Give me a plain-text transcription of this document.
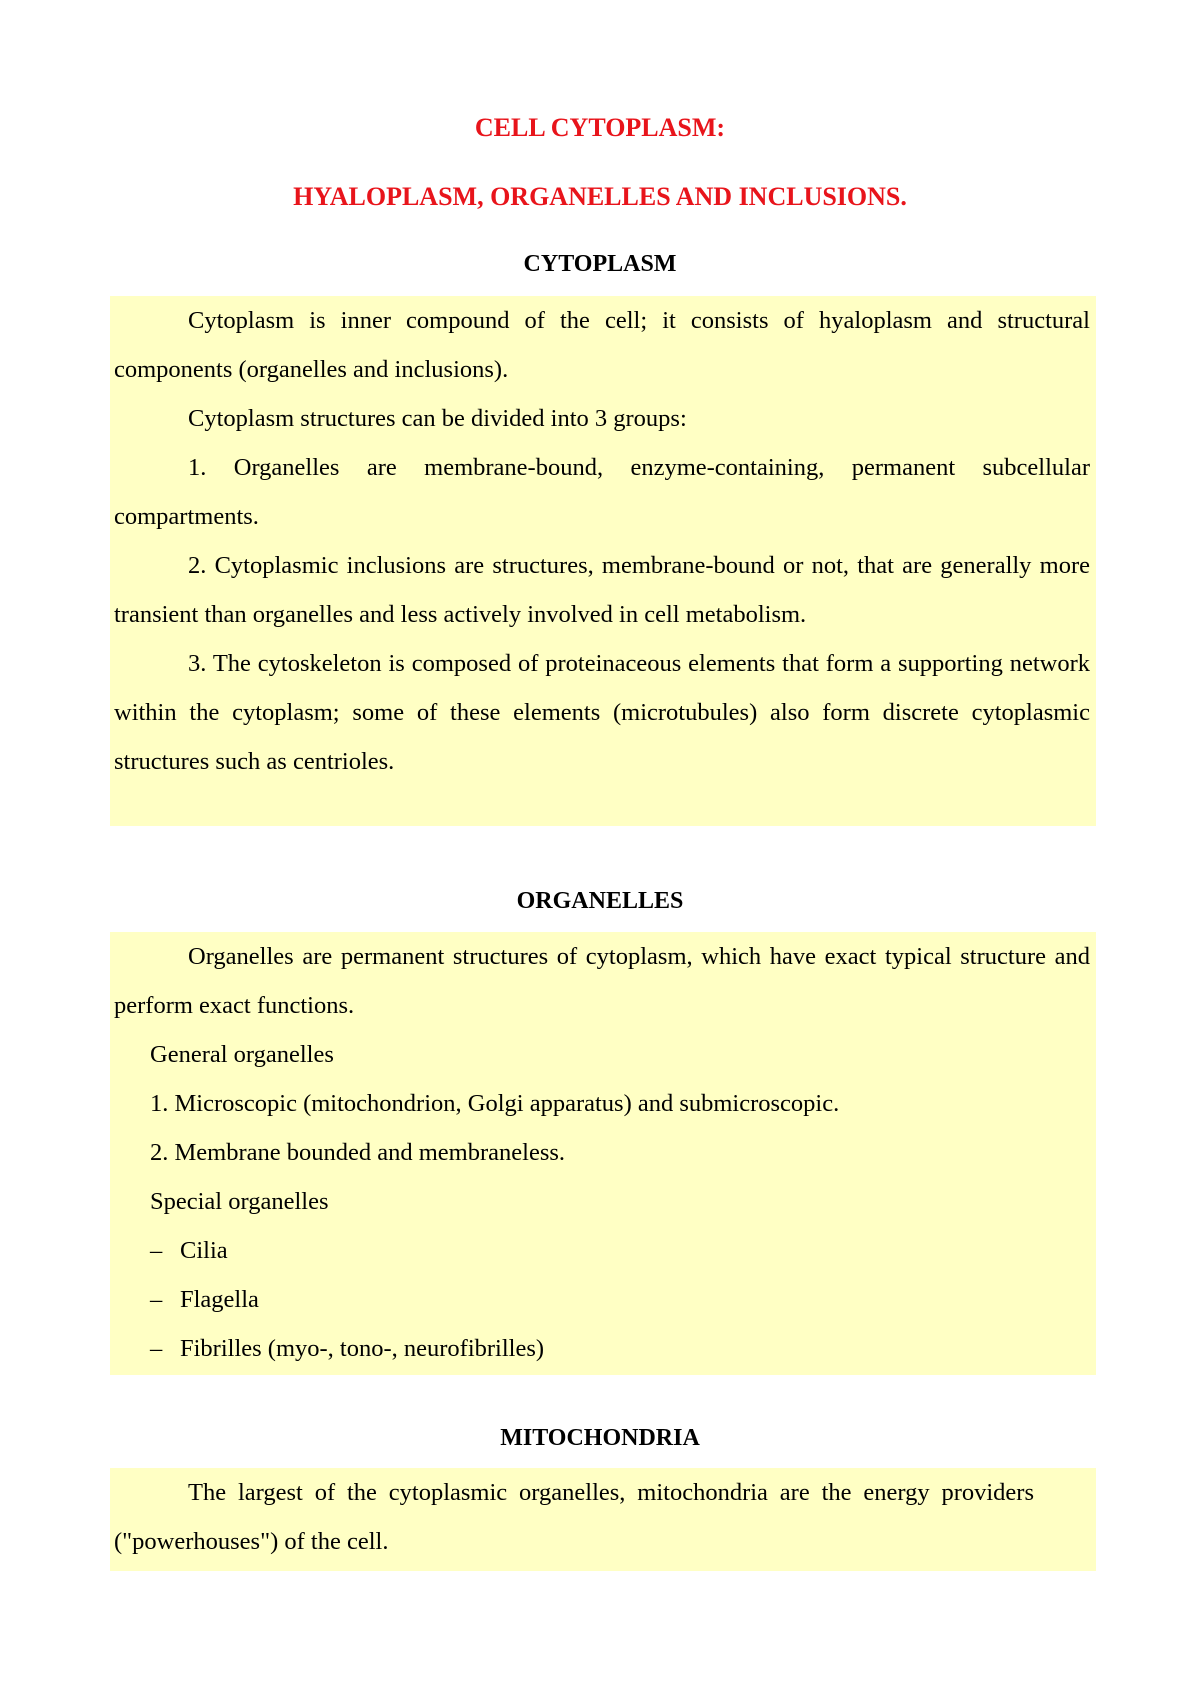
CELL CYTOPLASM:
HYALOPLASM, ORGANELLES AND INCLUSIONS.
CYTOPLASM

Cytoplasm is inner compound of the cell; it consists of hyaloplasm and structural components (organelles and inclusions).

Cytoplasm structures can be divided into 3 groups:

1. Organelles are membrane-bound, enzyme-containing, permanent subcellular compartments.

2. Cytoplasmic inclusions are structures, membrane-bound or not, that are generally more transient than organelles and less actively involved in cell metabolism.

3. The cytoskeleton is composed of proteinaceous elements that form a supporting network within the cytoplasm; some of these elements (microtubules) also form discrete cytoplasmic structures such as centrioles.

ORGANELLES

Organelles are permanent structures of cytoplasm, which have exact typical structure and perform exact functions.

General organelles

1. Microscopic (mitochondrion, Golgi apparatus) and submicroscopic.

2. Membrane bounded and membraneless.

Special organelles

– Cilia

– Flagella

– Fibrilles (myo-, tono-, neurofibrilles)

MITOCHONDRIA

The largest of the cytoplasmic organelles, mitochondria are the energy providers ("powerhouses") of the cell.
